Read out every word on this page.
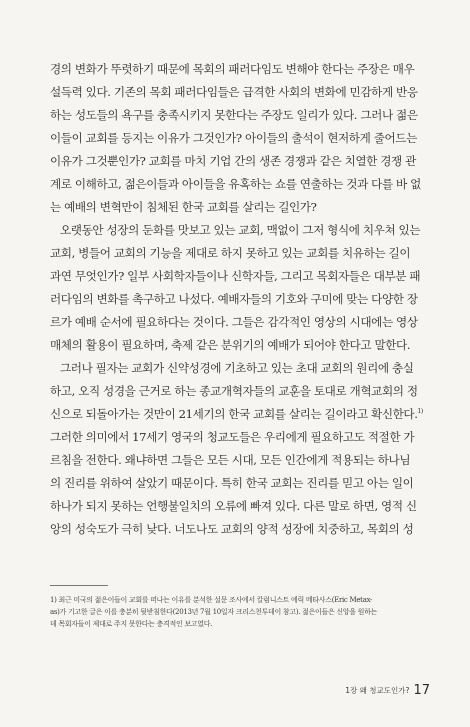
경의 변화가 뚜렷하기 때문에 목회의 패러다임도 변해야 한다는 주장은 매우
설득력 있다. 기존의 목회 패러다임들은 급격한 사회의 변화에 민감하게 반응
하는 성도들의 욕구를 충족시키지 못한다는 주장도 일리가 있다. 그러나 젊은
이들이 교회를 등지는 이유가 그것인가? 아이들의 출석이 현저하게 줄어드는
이유가 그것뿐인가? 교회를 마치 기업 간의 생존 경쟁과 같은 치열한 경쟁 관
계로 이해하고, 젊은이들과 아이들을 유혹하는 쇼를 연출하는 것과 다를 바 없
는 예배의 변혁만이 침체된 한국 교회를 살리는 길인가?
오랫동안 성장의 둔화를 맛보고 있는 교회, 맥없이 그저 형식에 치우쳐 있는
교회, 병들어 교회의 기능을 제대로 하지 못하고 있는 교회를 치유하는 길이
과연 무엇인가? 일부 사회학자들이나 신학자들, 그리고 목회자들은 대부분 패
러다임의 변화를 촉구하고 나섰다. 예배자들의 기호와 구미에 맞는 다양한 장
르가 예배 순서에 필요하다는 것이다. 그들은 감각적인 영상의 시대에는 영상
매체의 활용이 필요하며, 축제 같은 분위기의 예배가 되어야 한다고 말한다.
그러나 필자는 교회가 신약성경에 기초하고 있는 초대 교회의 원리에 충실
하고, 오직 성경을 근거로 하는 종교개혁자들의 교훈을 토대로 개혁교회의 정
신으로 되돌아가는 것만이 21세기의 한국 교회를 살리는 길이라고 확신한다.$^{1)}$
그러한 의미에서 17세기 영국의 청교도들은 우리에게 필요하고도 적절한 가
르침을 전한다. 왜냐하면 그들은 모든 시대, 모든 인간에게 적용되는 하나님
의 진리를 위하여 살았기 때문이다. 특히 한국 교회는 진리를 믿고 아는 일이
하나가 되지 못하는 언행불일치의 오류에 빠져 있다. 다른 말로 하면, 영적 신
앙의 성숙도가 극히 낮다. 너도나도 교회의 양적 성장에 치중하고, 목회의 성
1) 최근 미국의 젊은이들이 교회를 떠나는 이유를 분석한 설문 조사에서 칼럼니스트 에릭 메타사스(Eric Metax-
as)가 기고한 글은 이를 충분히 뒷받침한다(2013년 7월 10일자 크리스천투데이 참고). 젊은이들은 신앙을 원하는
데 목회자들이 제대로 주지 못한다는 충격적인 보고였다.
1장 왜 청교도인가? 17
